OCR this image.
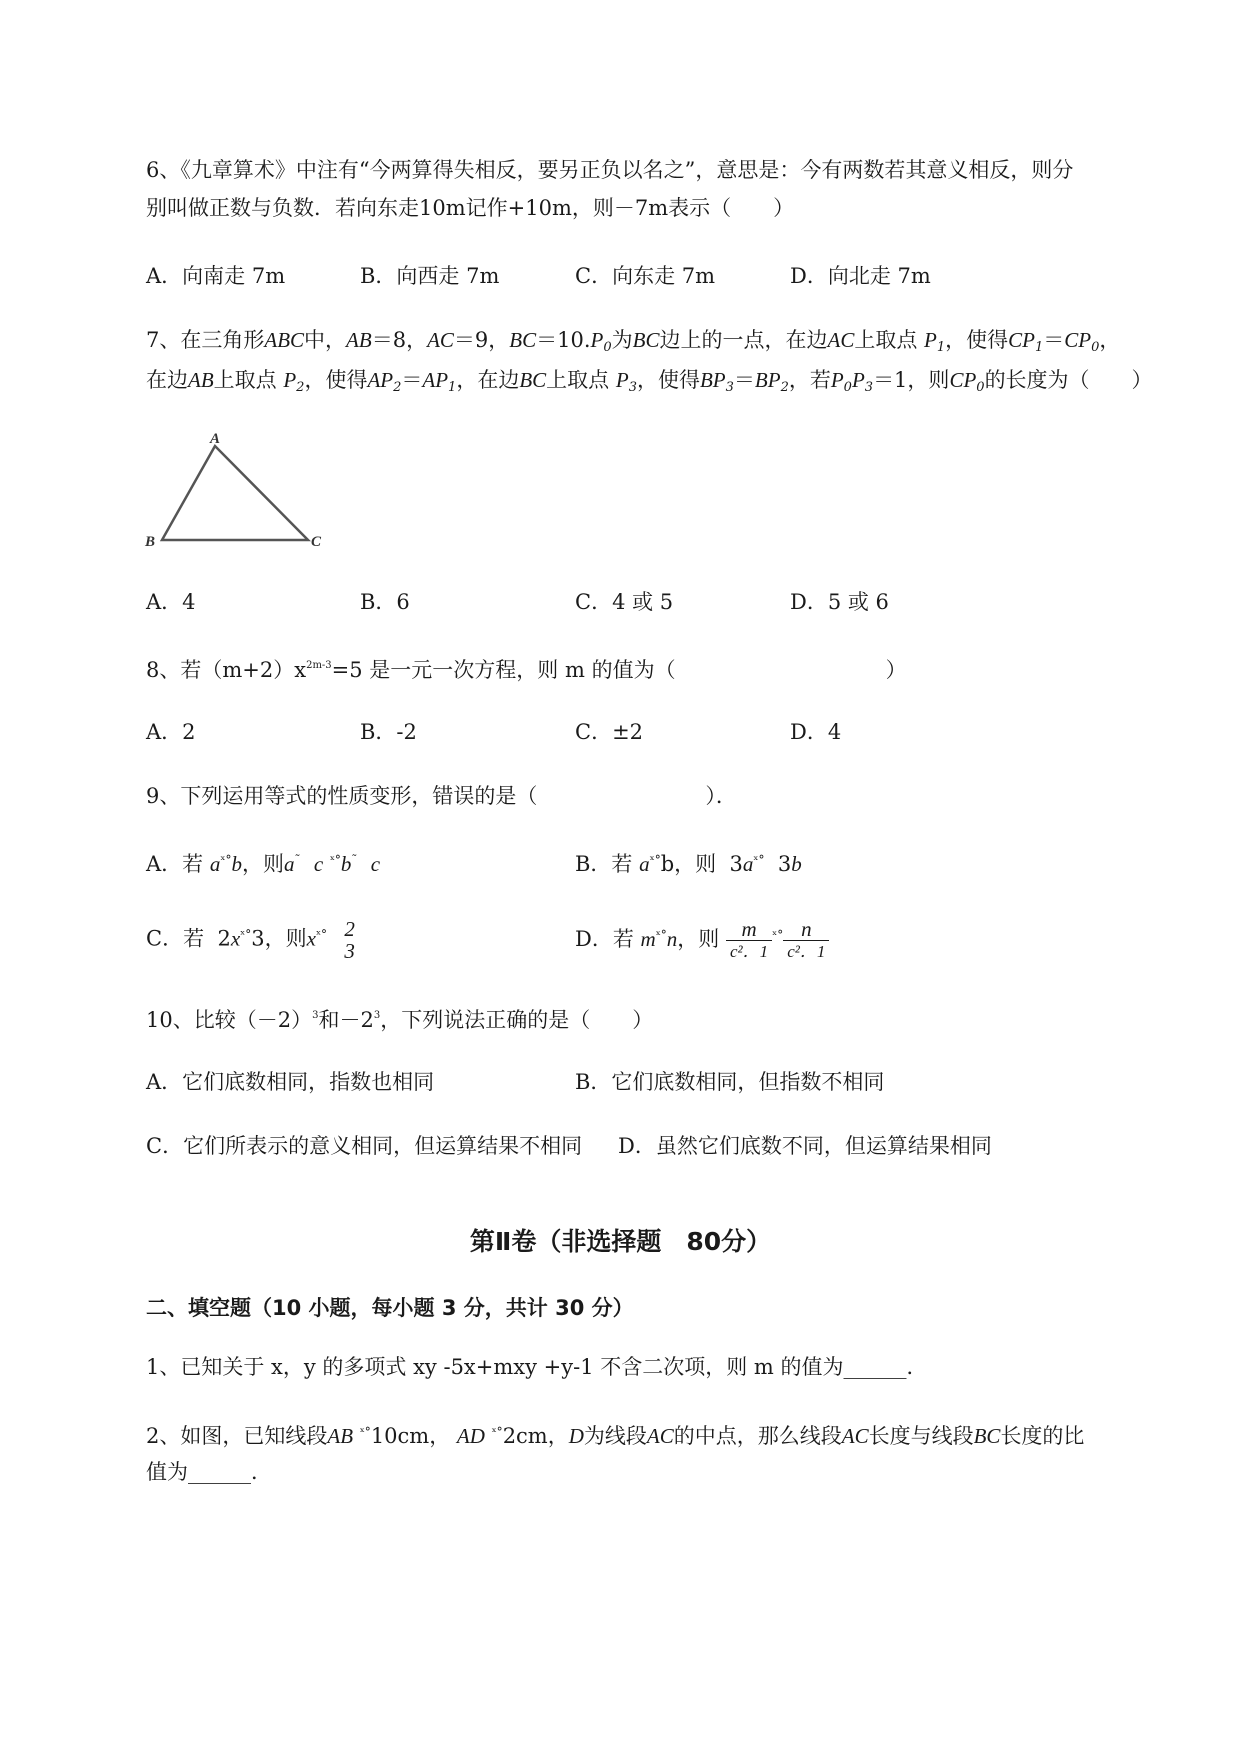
6、《九章算术》中注有“今两算得失相反，要另正负以名之”，意思是：今有两数若其意义相反，则分
别叫做正数与负数．若向东走10m记作+10m，则－7m表示（　　）
A．向南走 7m	B．向西走 7m	C．向东走 7m	D．向北走 7m
7、在三角形ABC中，AB＝8，AC＝9，$BC=10.P_0$为BC边上的一点，在边AC上取点 $P_1$，使得$CP_1=CP_0$，
在边AB上取点 $P_2$，使得$AP_2=AP_1$，在边BC上取点 $P_3$，使得$BP_3=BP_2$，若$P_0P_3=1$，则$CP_0$的长度为（　　）
A
B	C
A．4	B．6	C．4 或 5	D．5 或 6
8、若$(m+2)x^{2m-3}=5$ 是一元一次方程，则 m 的值为（　　　　　　　　　　）
A．2	B．-2	C．±2	D．4
9、下列运用等式的性质变形，错误的是（　　　　　　　　）．
A．若 $a^{ˣ^\circ}b$，则a˜ c $^{ˣ^\circ}$b˜ c	B．若 $a^{ˣ^\circ}b$，则 $3a^{ˣ^\circ}$ 3b
C．若 $2x^{ˣ^\circ}3$，则$x^{ˣ^\circ}$ 2
3	D．若 $m^{ˣ^\circ}n$，则 $\frac{m}{\text{c²．1}} ^{ˣ^\circ} \frac{n}{\text{c²．1}}$
10、比较$(-2)^3$和$-2^3$，下列说法正确的是（　　）
A．它们底数相同，指数也相同	B．它们底数相同，但指数不相同
C．它们所表示的意义相同，但运算结果不相同 D．虽然它们底数不同，但运算结果相同
第Ⅱ卷（非选择题　80分）
二、填空题（10 小题，每小题 3 分，共计 30 分）
1、已知关于 x，y 的多项式 xy -5x+mxy +y-1 不含二次项，则 m 的值为______．
2、如图，已知线段AB $^{ˣ^\circ}$10cm， AD $^{ˣ^\circ}$2cm，D为线段AC的中点，那么线段AC长度与线段BC长度的比
值为______．
